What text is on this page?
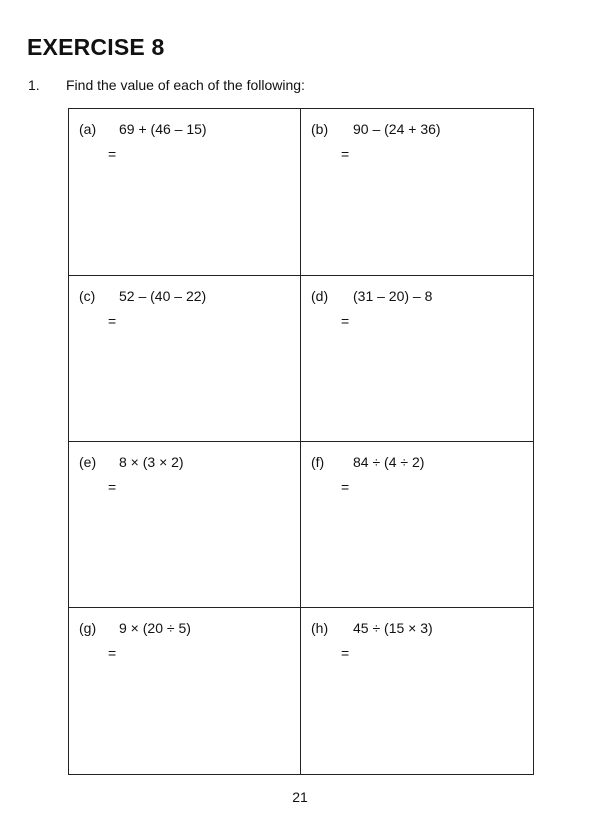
EXERCISE 8
1. Find the value of each of the following:
(a) 69 + (46 – 15)
=
(b) 90 – (24 + 36)
=
(c) 52 – (40 – 22)
=
(d) (31 – 20) – 8
=
(e) 8 × (3 × 2)
=
(f) 84 ÷ (4 ÷ 2)
=
(g) 9 × (20 ÷ 5)
=
(h) 45 ÷ (15 × 3)
=
21
